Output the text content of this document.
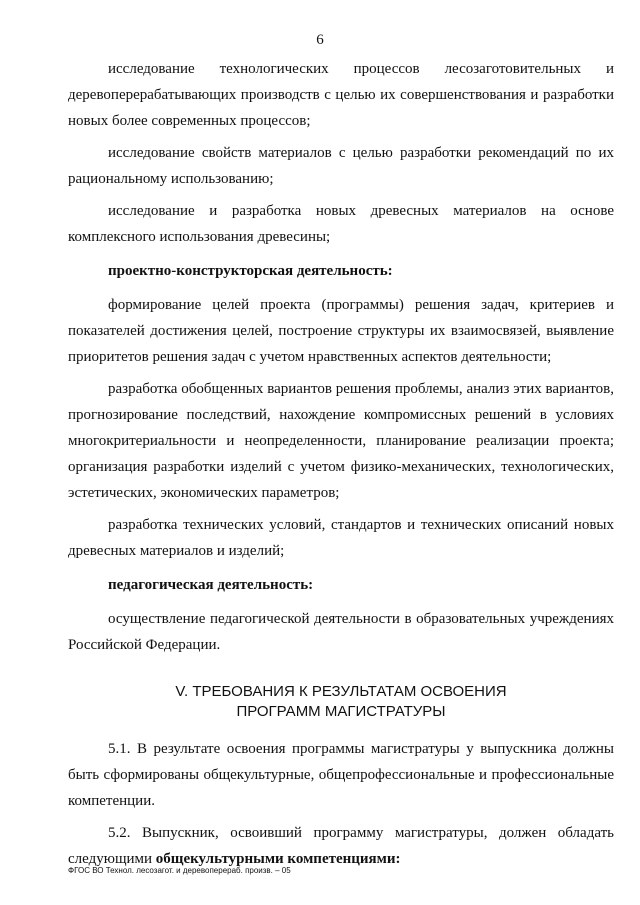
6

исследование технологических процессов лесозаготовительных и деревоперерабатывающих производств с целью их совершенствования и разработки новых более современных процессов;

исследование свойств материалов с целью разработки рекомендаций по их рациональному использованию;

исследование и разработка новых древесных материалов на основе комплексного использования древесины;

проектно-конструкторская деятельность:

формирование целей проекта (программы) решения задач, критериев и показателей достижения целей, построение структуры их взаимосвязей, выявление приоритетов решения задач с учетом нравственных аспектов деятельности;

разработка обобщенных вариантов решения проблемы, анализ этих вариантов, прогнозирование последствий, нахождение компромиссных решений в условиях многокритериальности и неопределенности, планирование реализации проекта; организация разработки изделий с учетом физико-механических, технологических, эстетических, экономических параметров;

разработка технических условий, стандартов и технических описаний новых древесных материалов и изделий;

педагогическая деятельность:

осуществление педагогической деятельности в образовательных учреждениях Российской Федерации.

V. ТРЕБОВАНИЯ К РЕЗУЛЬТАТАМ ОСВОЕНИЯ
ПРОГРАММ МАГИСТРАТУРЫ

5.1. В результате освоения программы магистратуры у выпускника должны быть сформированы общекультурные, общепрофессиональные и профессиональные компетенции.

5.2. Выпускник, освоивший программу магистратуры, должен обладать следующими общекультурными компетенциями:

ФГОС ВО Технол. лесозагот. и деревоперераб. произв. – 05
